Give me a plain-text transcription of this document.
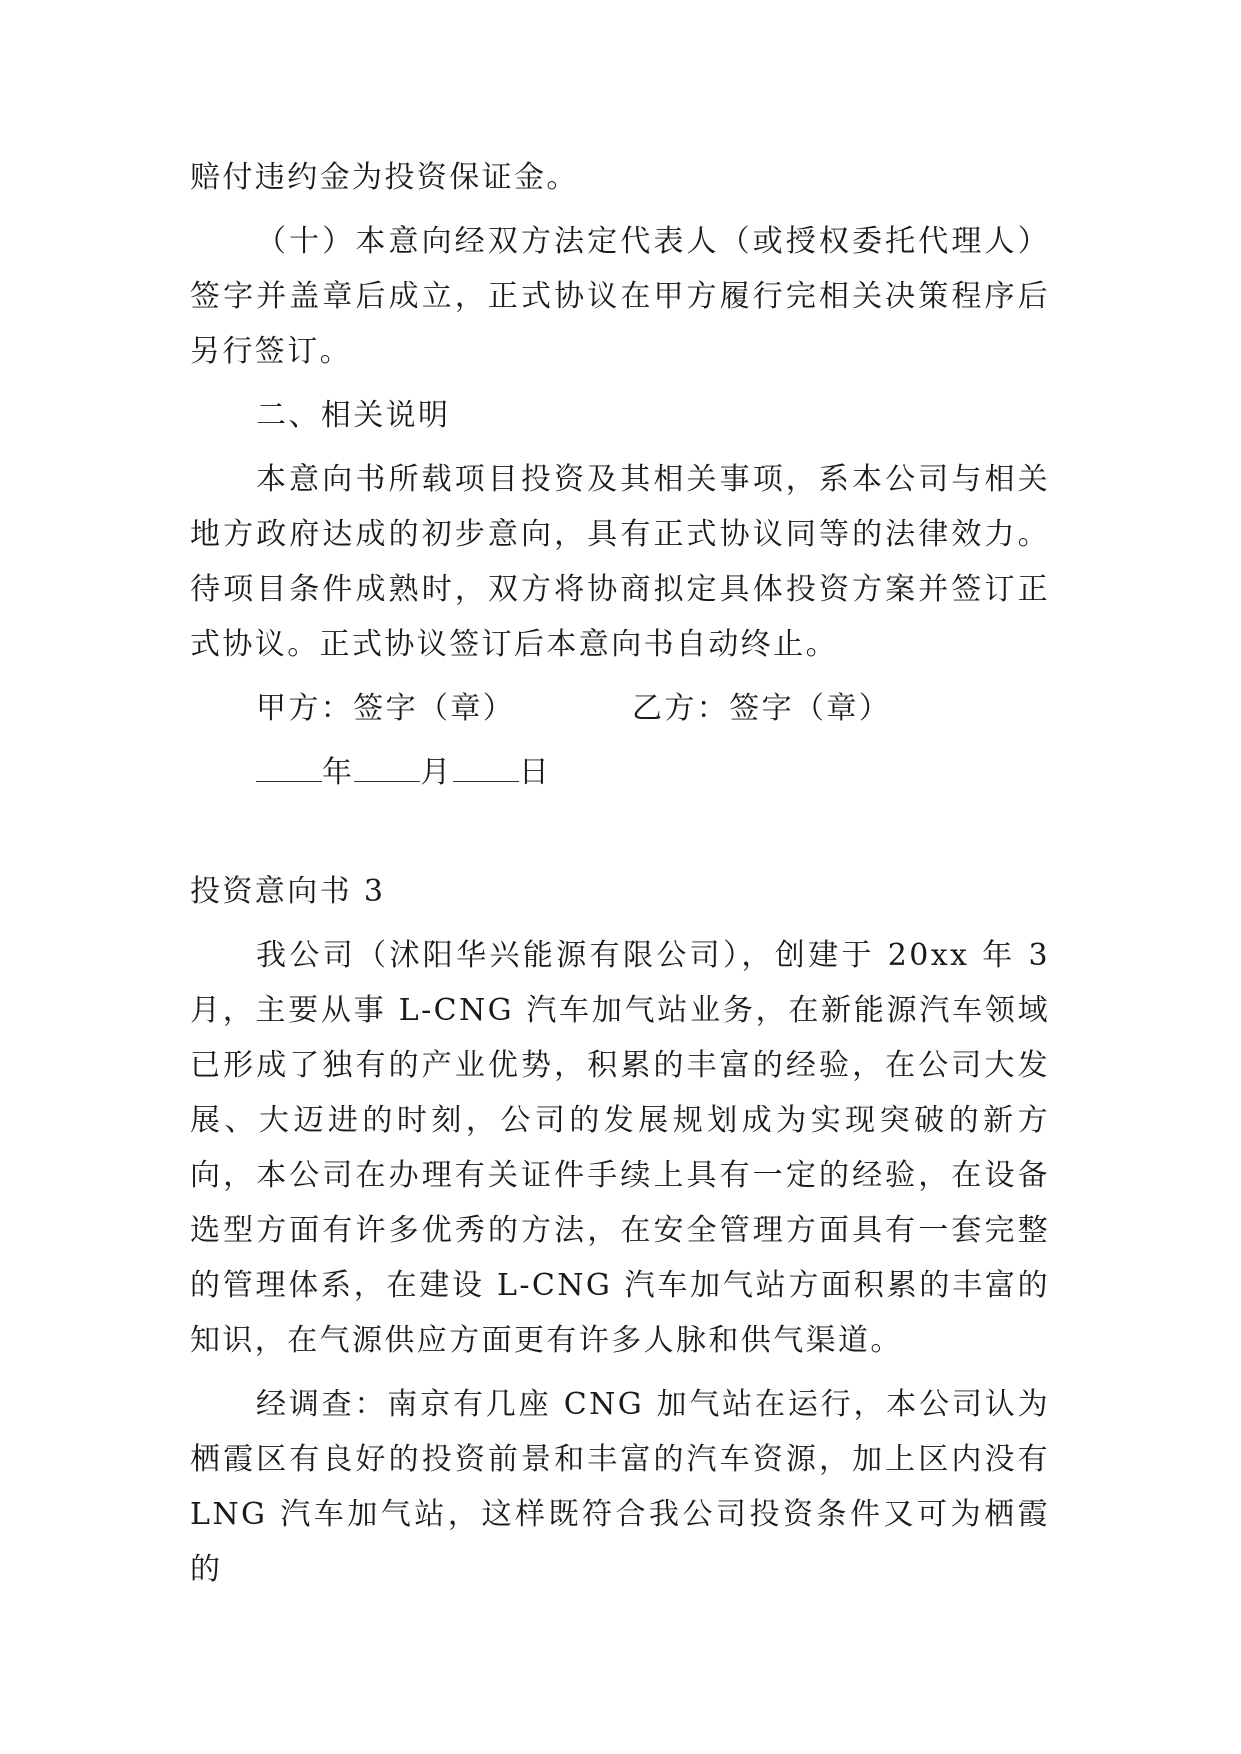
赔付违约金为投资保证金。

（十）本意向经双方法定代表人（或授权委托代理人）签字并盖章后成立，正式协议在甲方履行完相关决策程序后另行签订。

二、相关说明

本意向书所载项目投资及其相关事项，系本公司与相关地方政府达成的初步意向，具有正式协议同等的法律效力。待项目条件成熟时，双方将协商拟定具体投资方案并签订正式协议。正式协议签订后本意向书自动终止。

甲方：签字（章）	乙方：签字（章）
年 月 日

投资意向书 3

我公司（沭阳华兴能源有限公司），创建于 20xx 年 3 月，主要从事 L-CNG 汽车加气站业务，在新能源汽车领域已形成了独有的产业优势，积累的丰富的经验，在公司大发展、大迈进的时刻，公司的发展规划成为实现突破的新方向，本公司在办理有关证件手续上具有一定的经验，在设备选型方面有许多优秀的方法，在安全管理方面具有一套完整的管理体系，在建设 L-CNG 汽车加气站方面积累的丰富的知识，在气源供应方面更有许多人脉和供气渠道。

经调查：南京有几座 CNG 加气站在运行，本公司认为栖霞区有良好的投资前景和丰富的汽车资源，加上区内没有 LNG 汽车加气站，这样既符合我公司投资条件又可为栖霞的
